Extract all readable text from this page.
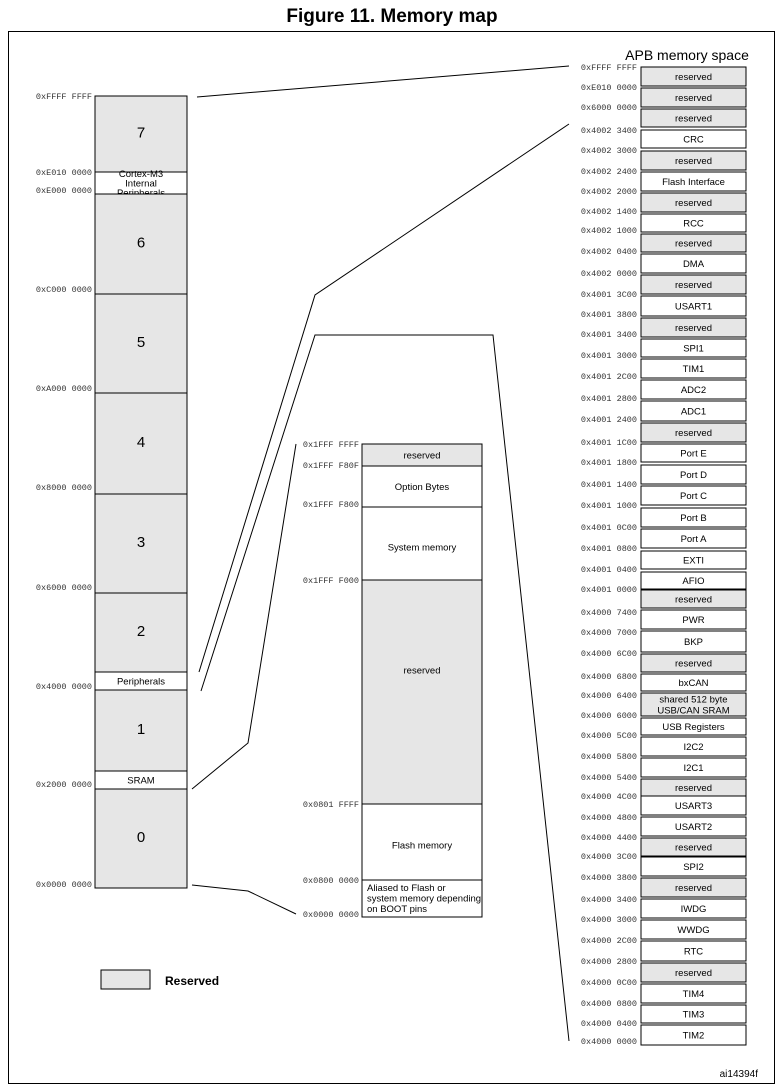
Figure 11. Memory map
7
Cortex-M3 Internal
6
5
4
3
2
Peripherals
1
SRAM
0
0xFFFF FFFF
0xE010 0000
0xE000 0000
0xC000 0000
0xA000 0000
0x8000 0000
0x6000 0000
0x4000 0000
0x2000 0000
0x0000 0000
reserved
Option Bytes
System memory
reserved
Flash memory
Aliased to Flash or system memory depending on BOOT pins
0x1FFF FFFF
0x1FFF F80F
0x1FFF F800
0x1FFF F000
0x0801 FFFF
0x0800 0000
0x0000 0000
reserved
reserved
reserved
CRC
reserved
Flash Interface
reserved
RCC
reserved
DMA
reserved
USART1
reserved
SPI1
TIM1
ADC2
ADC1
reserved
Port E
Port D
Port C
Port B
Port A
EXTI
AFIO
reserved
PWR
BKP
reserved
bxCAN
shared 512 byte USB/CAN SRAM
USB Registers
I2C2
I2C1
reserved
USART3
USART2
reserved
SPI2
reserved
IWDG
WWDG
RTC
reserved
TIM4
TIM3
TIM2
0xFFFF FFFF
0xE010 0000
0x6000 0000
0x4002 3400
0x4002 3000
0x4002 2400
0x4002 2000
0x4002 1400
0x4002 1000
0x4002 0400
0x4002 0000
0x4001 3C00
0x4001 3800
0x4001 3400
0x4001 3000
0x4001 2C00
0x4001 2800
0x4001 2400
0x4001 1C00
0x4001 1800
0x4001 1400
0x4001 1000
0x4001 0C00
0x4001 0800
0x4001 0400
0x4001 0000
0x4000 7400
0x4000 7000
0x4000 6C00
0x4000 6800
0x4000 6400
0x4000 6000
0x4000 5C00
0x4000 5800
0x4000 5400
0x4000 4C00
0x4000 4800
0x4000 4400
0x4000 3C00
0x4000 3800
0x4000 3400
0x4000 3000
0x4000 2C00
0x4000 2800
0x4000 0C00
0x4000 0800
0x4000 0400
0x4000 0000
APB memory space
Reserved
ai14394f
